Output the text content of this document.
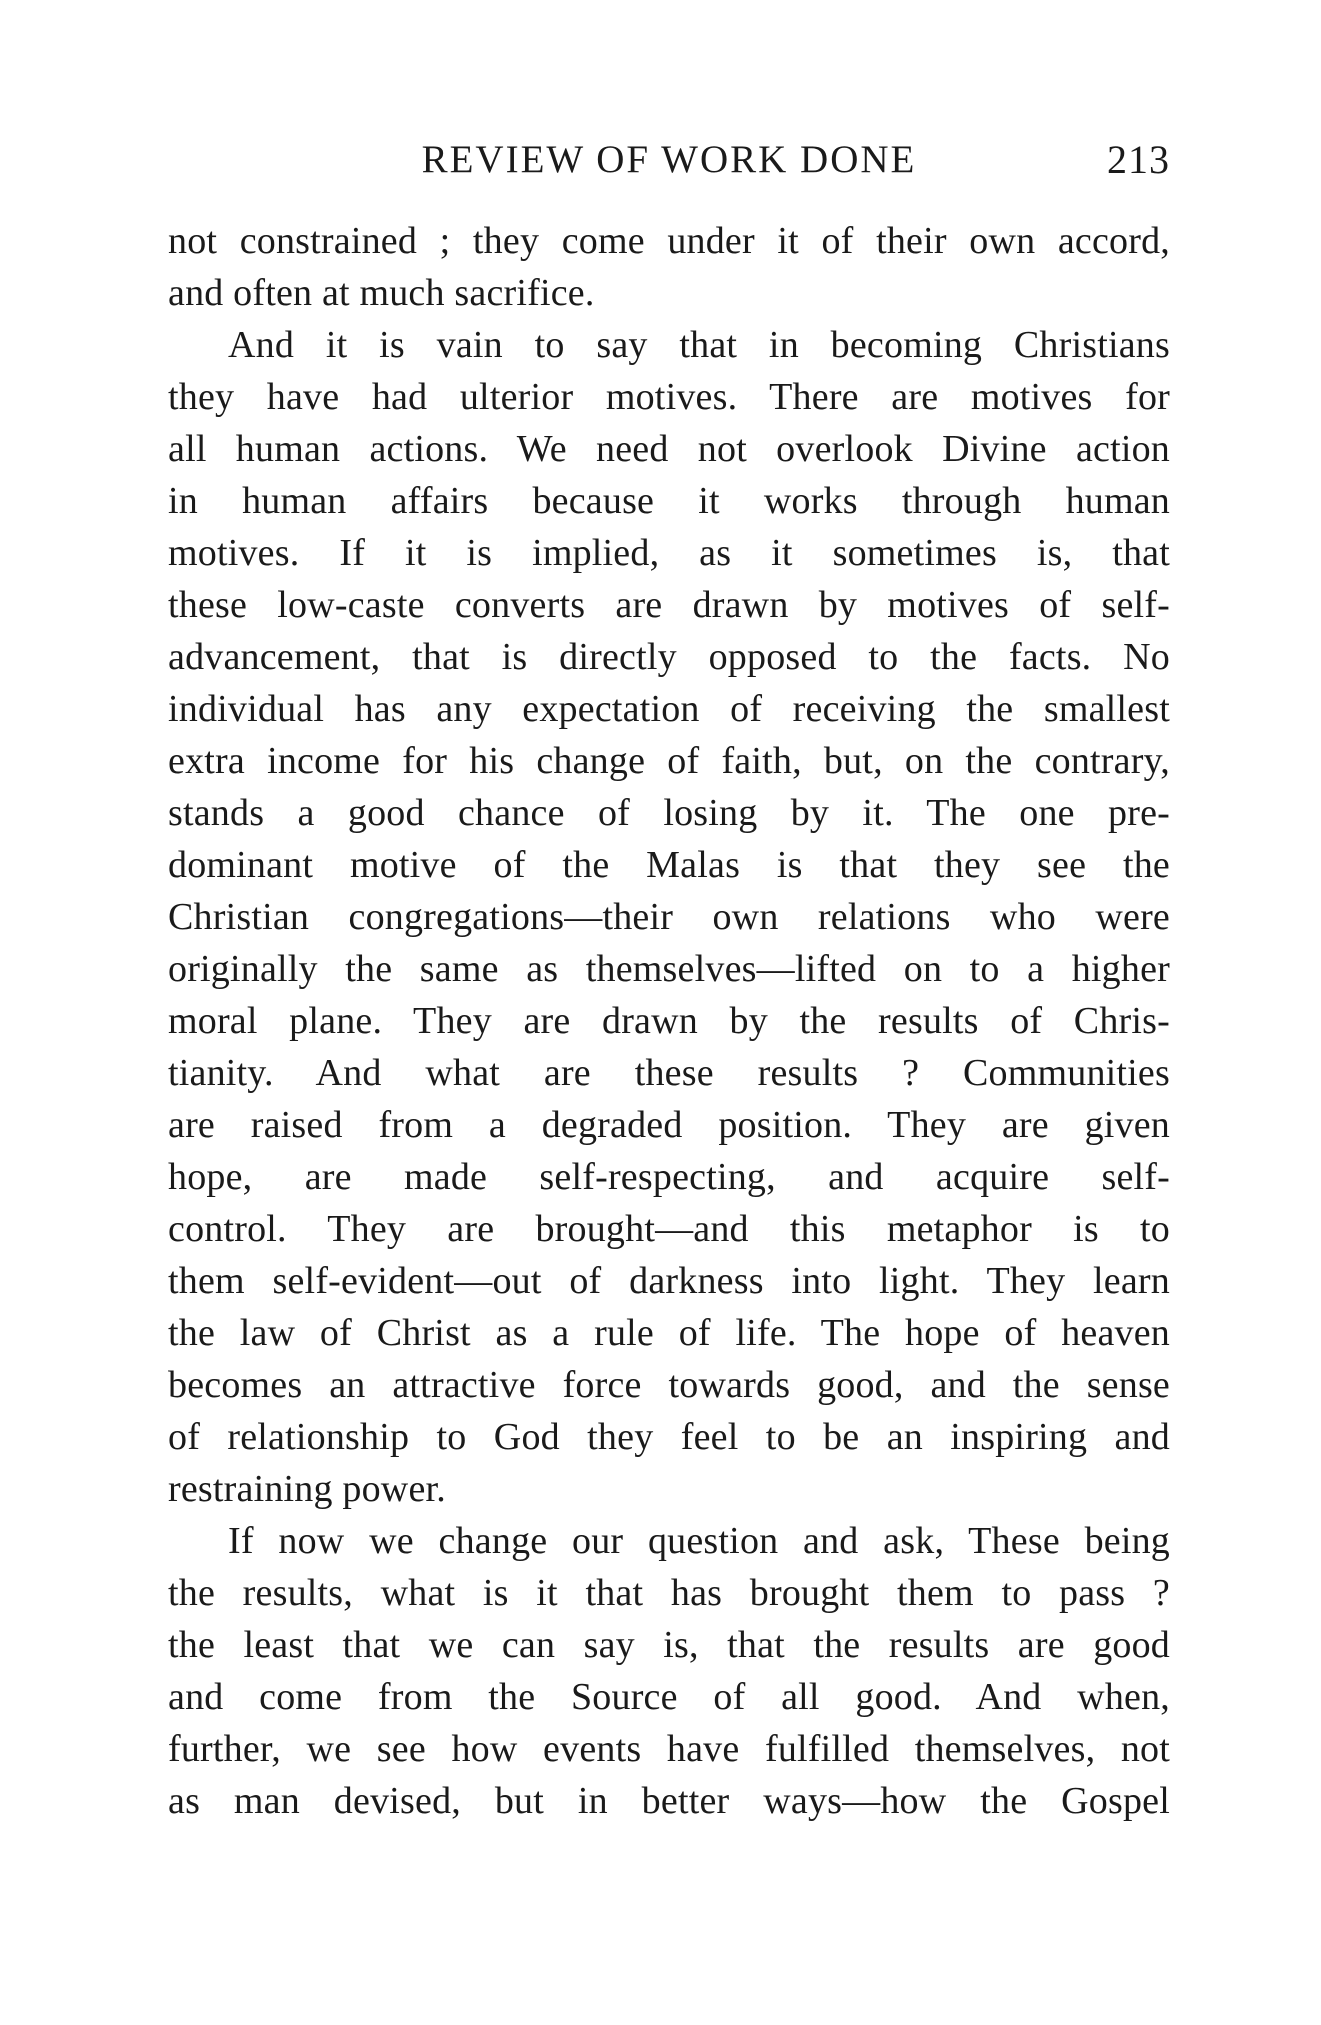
REVIEW OF WORK DONE	213
not constrained ; they come under it of their own accord,
and often at much sacrifice.
And it is vain to say that in becoming Christians
they have had ulterior motives. There are motives for
all human actions. We need not overlook Divine action
in human affairs because it works through human
motives. If it is implied, as it sometimes is, that
these low-caste converts are drawn by motives of self-
advancement, that is directly opposed to the facts. No
individual has any expectation of receiving the smallest
extra income for his change of faith, but, on the contrary,
stands a good chance of losing by it. The one pre-
dominant motive of the Malas is that they see the
Christian congregations—their own relations who were
originally the same as themselves—lifted on to a higher
moral plane. They are drawn by the results of Chris-
tianity. And what are these results ? Communities
are raised from a degraded position. They are given
hope, are made self-respecting, and acquire self-
control. They are brought—and this metaphor is to
them self-evident—out of darkness into light. They learn
the law of Christ as a rule of life. The hope of heaven
becomes an attractive force towards good, and the sense
of relationship to God they feel to be an inspiring and
restraining power.
If now we change our question and ask, These being
the results, what is it that has brought them to pass ?
the least that we can say is, that the results are good
and come from the Source of all good. And when,
further, we see how events have fulfilled themselves, not
as man devised, but in better ways—how the Gospel
